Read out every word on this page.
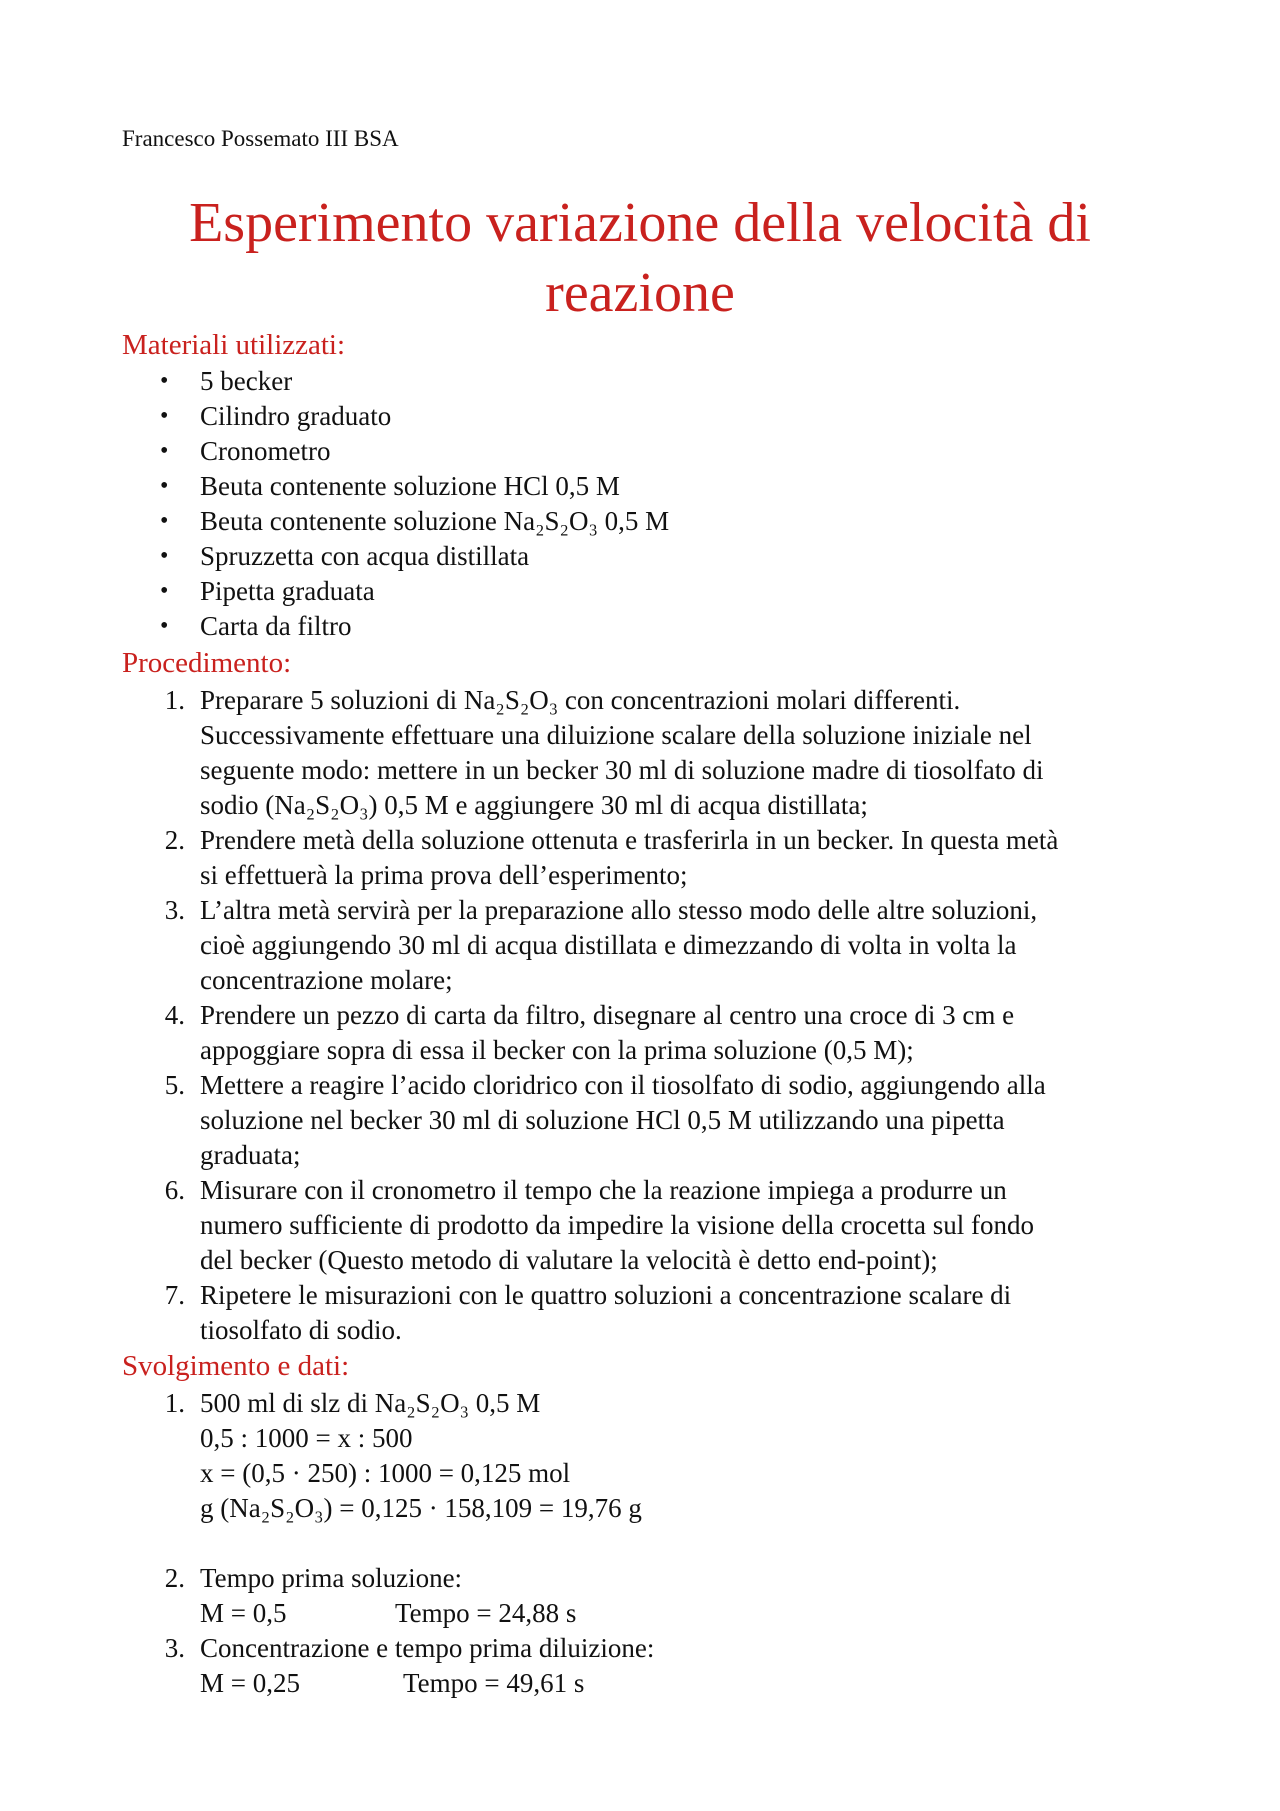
Francesco Possemato III BSA
Esperimento variazione della velocità di
reazione
Materiali utilizzati:
• 5 becker
• Cilindro graduato
• Cronometro
• Beuta contenente soluzione HCl 0,5 M
• Beuta contenente soluzione Na₂S₂O₃ 0,5 M
• Spruzzetta con acqua distillata
• Pipetta graduata
• Carta da filtro
Procedimento:
1. Preparare 5 soluzioni di Na₂S₂O₃ con concentrazioni molari differenti.
Successivamente effettuare una diluizione scalare della soluzione iniziale nel
seguente modo: mettere in un becker 30 ml di soluzione madre di tiosolfato di
sodio (Na₂S₂O₃) 0,5 M e aggiungere 30 ml di acqua distillata;
2. Prendere metà della soluzione ottenuta e trasferirla in un becker. In questa metà
si effettuerà la prima prova dell’esperimento;
3. L’altra metà servirà per la preparazione allo stesso modo delle altre soluzioni,
cioè aggiungendo 30 ml di acqua distillata e dimezzando di volta in volta la
concentrazione molare;
4. Prendere un pezzo di carta da filtro, disegnare al centro una croce di 3 cm e
appoggiare sopra di essa il becker con la prima soluzione (0,5 M);
5. Mettere a reagire l’acido cloridrico con il tiosolfato di sodio, aggiungendo alla
soluzione nel becker 30 ml di soluzione HCl 0,5 M utilizzando una pipetta
graduata;
6. Misurare con il cronometro il tempo che la reazione impiega a produrre un
numero sufficiente di prodotto da impedire la visione della crocetta sul fondo
del becker (Questo metodo di valutare la velocità è detto end-point);
7. Ripetere le misurazioni con le quattro soluzioni a concentrazione scalare di
tiosolfato di sodio.
Svolgimento e dati:
1. 500 ml di slz di Na₂S₂O₃ 0,5 M
0,5 : 1000 = x : 500
x = (0,5 · 250) : 1000 = 0,125 mol
g (Na₂S₂O₃) = 0,125 · 158,109 = 19,76 g
2. Tempo prima soluzione:
M = 0,5	Tempo = 24,88 s
3. Concentrazione e tempo prima diluizione:
M = 0,25	Tempo = 49,61 s
